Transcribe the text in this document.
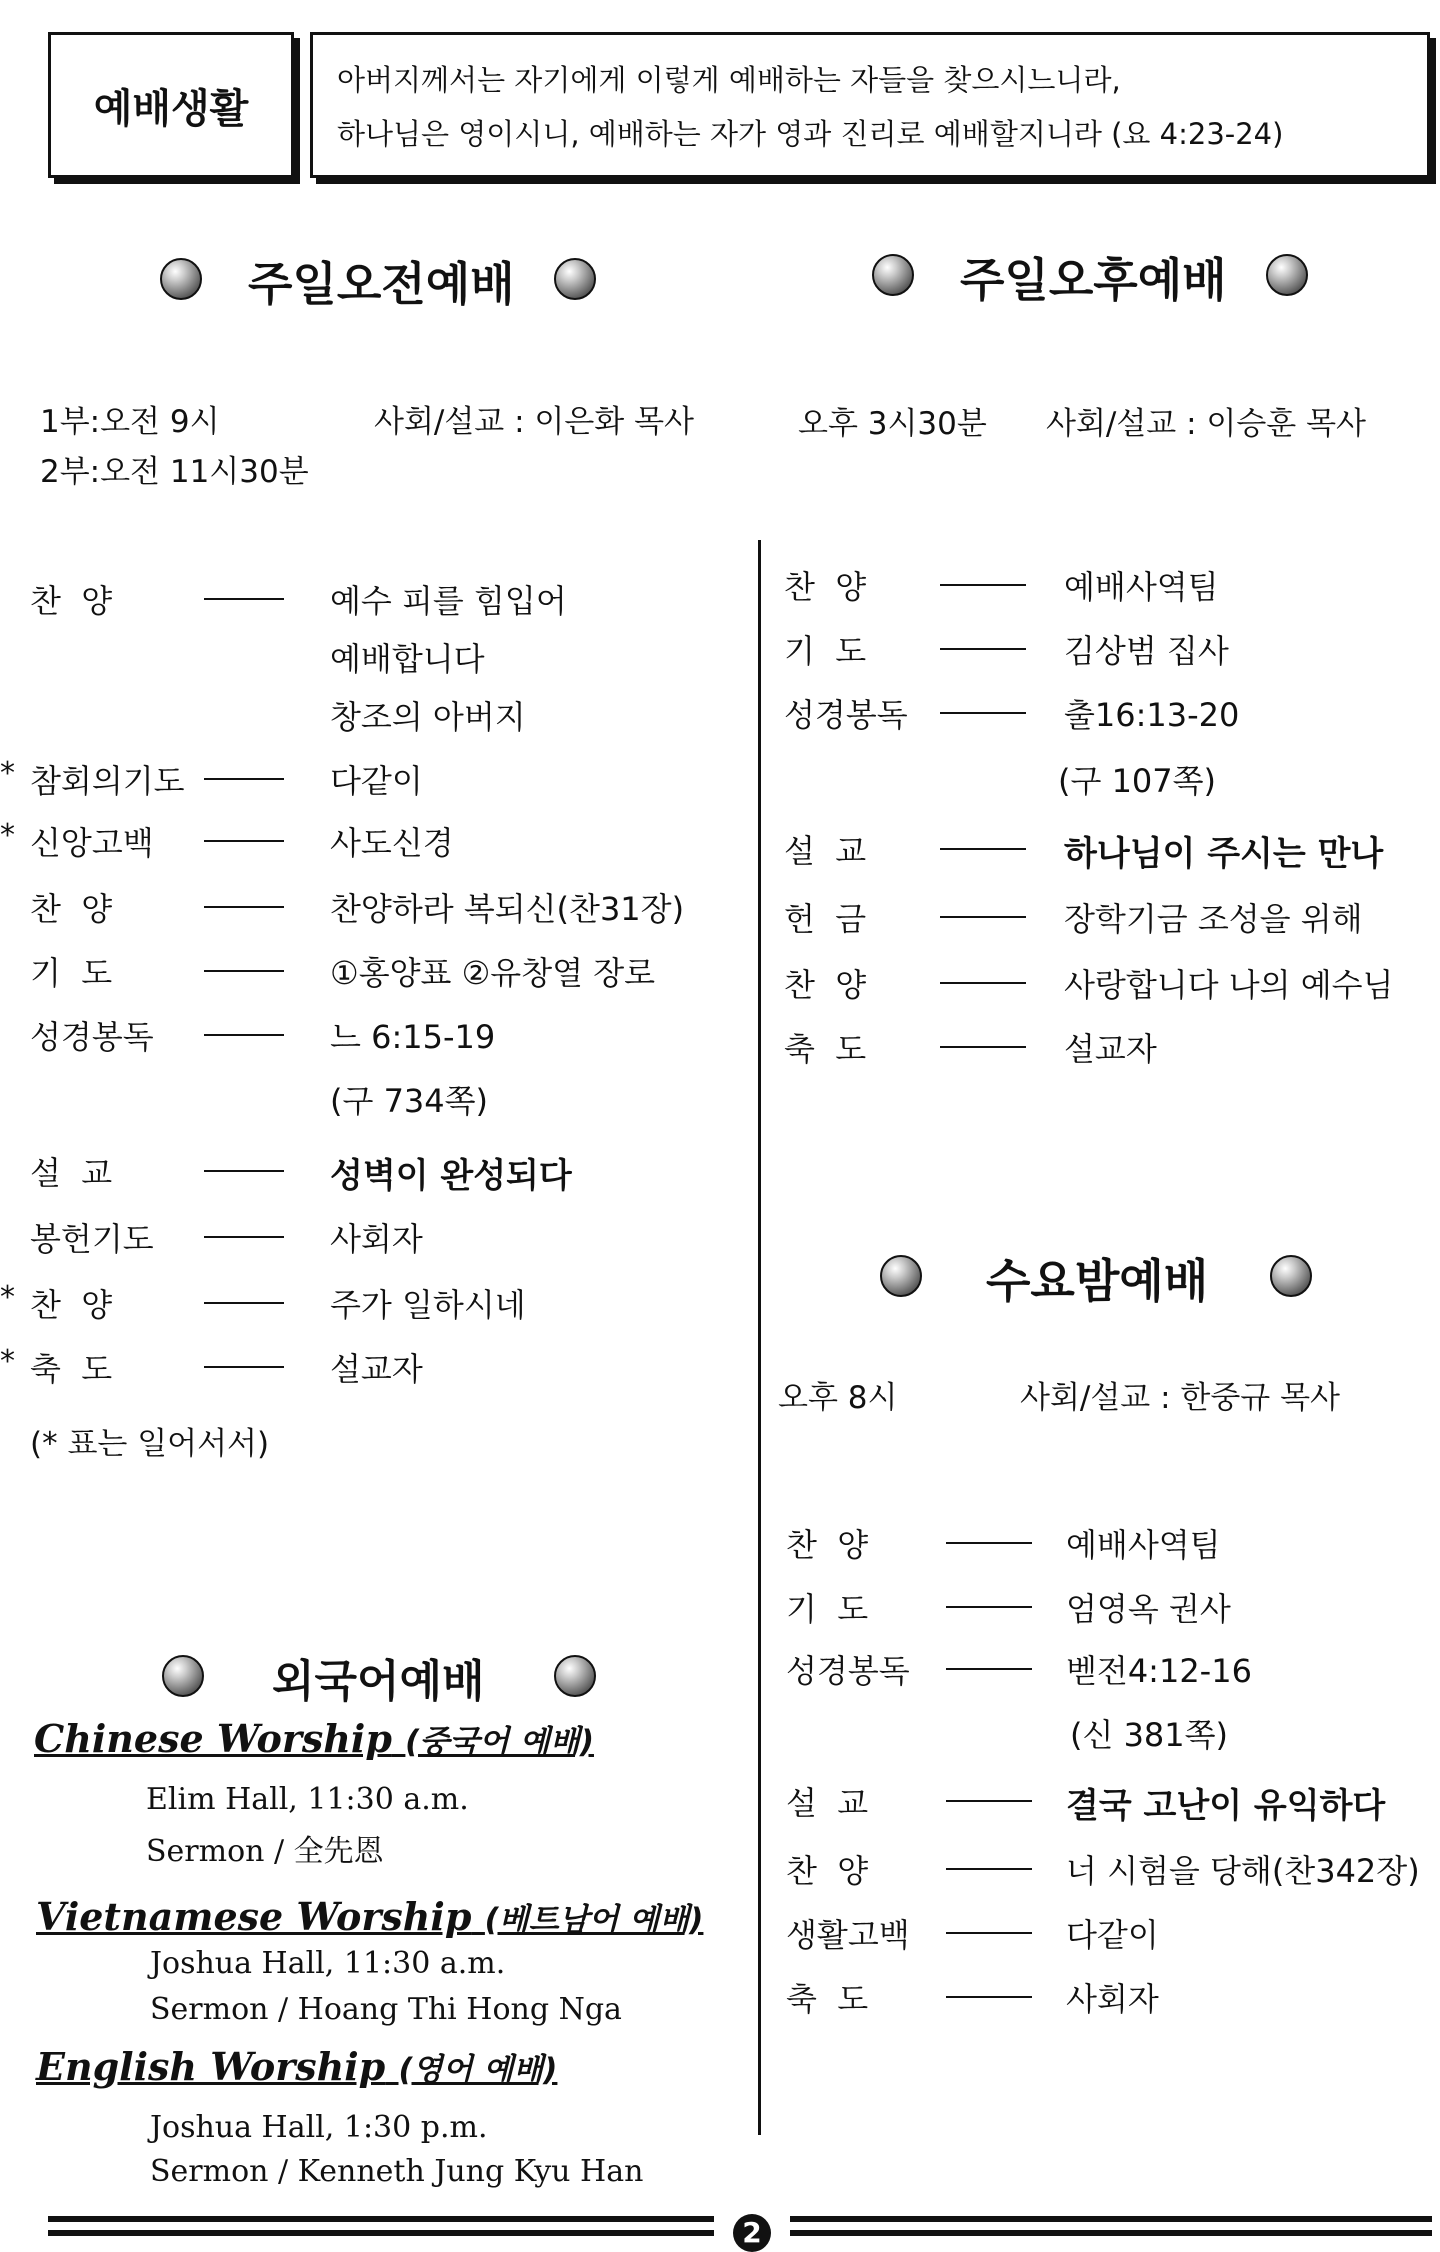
예배생활
아버지께서는 자기에게 이렇게 예배하는 자들을 찾으시느니라,
하나님은 영이시니, 예배하는 자가 영과 진리로 예배할지니라 (요 4:23-24)
주일오전예배	주일오후예배
수요밤예배
외국어예배
1부:오전 9시	사회/설교 : 이은화 목사
2부:오전 11시30분
오후 3시30분 사회/설교 : 이승훈 목사
오후 8시	사회/설교 : 한중규 목사
찬  양	예수 피를 힘입어
예배합니다
창조의 아버지
* 참회의기도	다같이
* 신앙고백	사도신경
찬  양	찬양하라 복되신(찬31장)
기  도	①홍양표 ②유창열 장로
성경봉독	느 6:15-19
(구 734쪽)
설  교	성벽이 완성되다
봉헌기도	사회자
* 찬  양	주가 일하시네
* 축  도	설교자
(* 표는 일어서서)
찬  양	예배사역팀
기  도	김상범 집사
성경봉독	출16:13-20
(구 107쪽)
설  교	하나님이 주시는 만나
헌  금	장학기금 조성을 위해
찬  양	사랑합니다 나의 예수님
축  도	설교자
찬  양	예배사역팀
기  도	엄영옥 권사
성경봉독	벧전4:12-16
(신 381쪽)
설  교	결국 고난이 유익하다
찬  양	너 시험을 당해(찬342장)
생활고백	다같이
축  도	사회자
Chinese Worship (중국어 예배)
Elim Hall, 11:30 a.m.
Sermon / 全先恩
Vietnamese Worship (베트남어 예배)
Joshua Hall, 11:30 a.m.
Sermon / Hoang Thi Hong Nga
English Worship (영어 예배)
Joshua Hall, 1:30 p.m.
Sermon / Kenneth Jung Kyu Han
2
